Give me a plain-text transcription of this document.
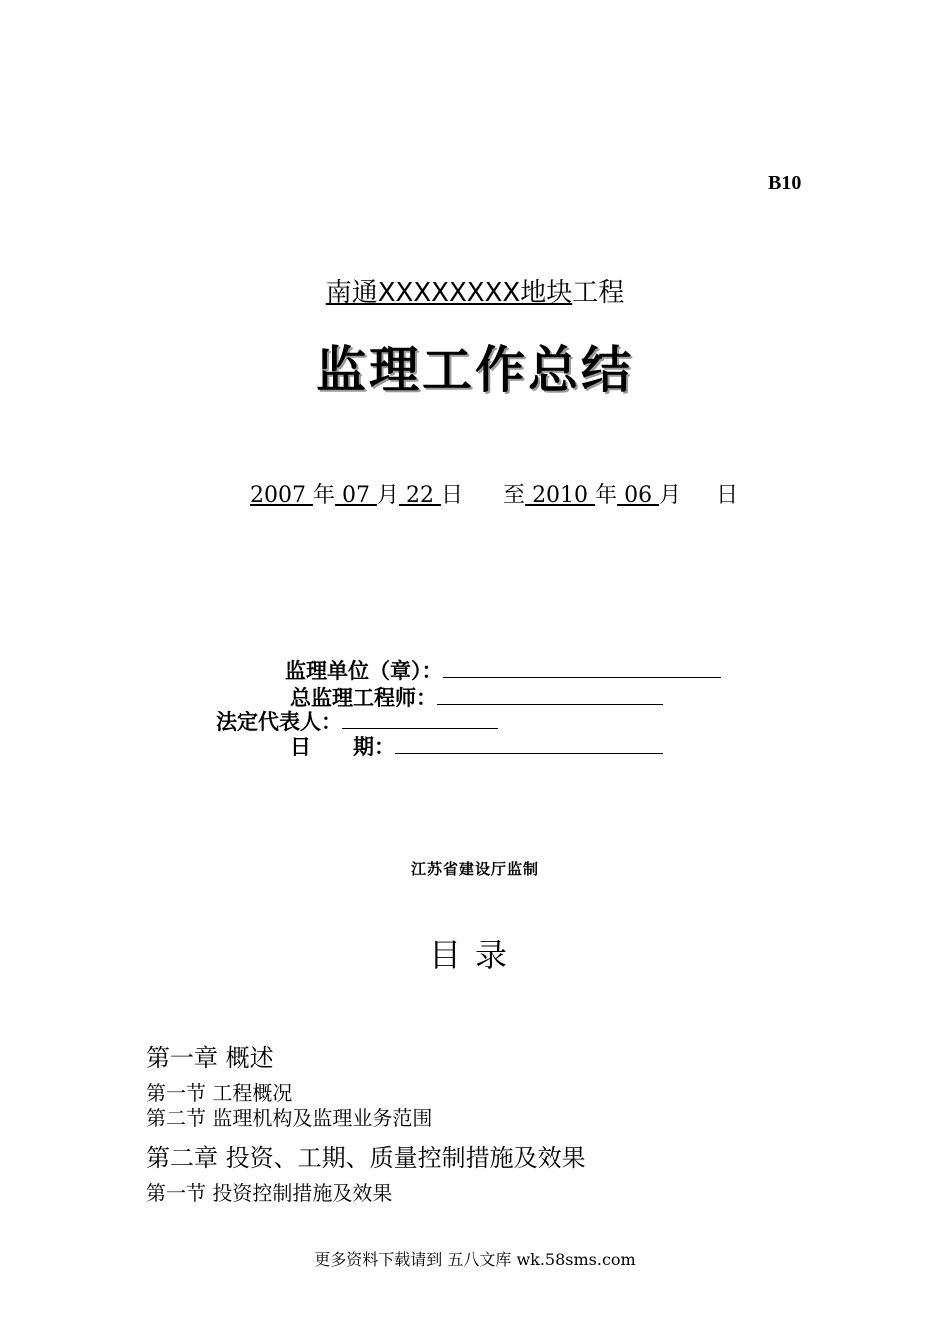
B10
南通XXXXXXXX地块工程
监理工作总结
2007 年 07 月 22 日 至 2010 年 06 月 日
监理单位（章）：
总监理工程师：
法定代表人：
日　　期：
江苏省建设厅监制
目录
第一章 概述
第一节 工程概况
第二节 监理机构及监理业务范围
第二章 投资、工期、质量控制措施及效果
第一节 投资控制措施及效果
更多资料下载请到 五八文库 wk.58sms.com
